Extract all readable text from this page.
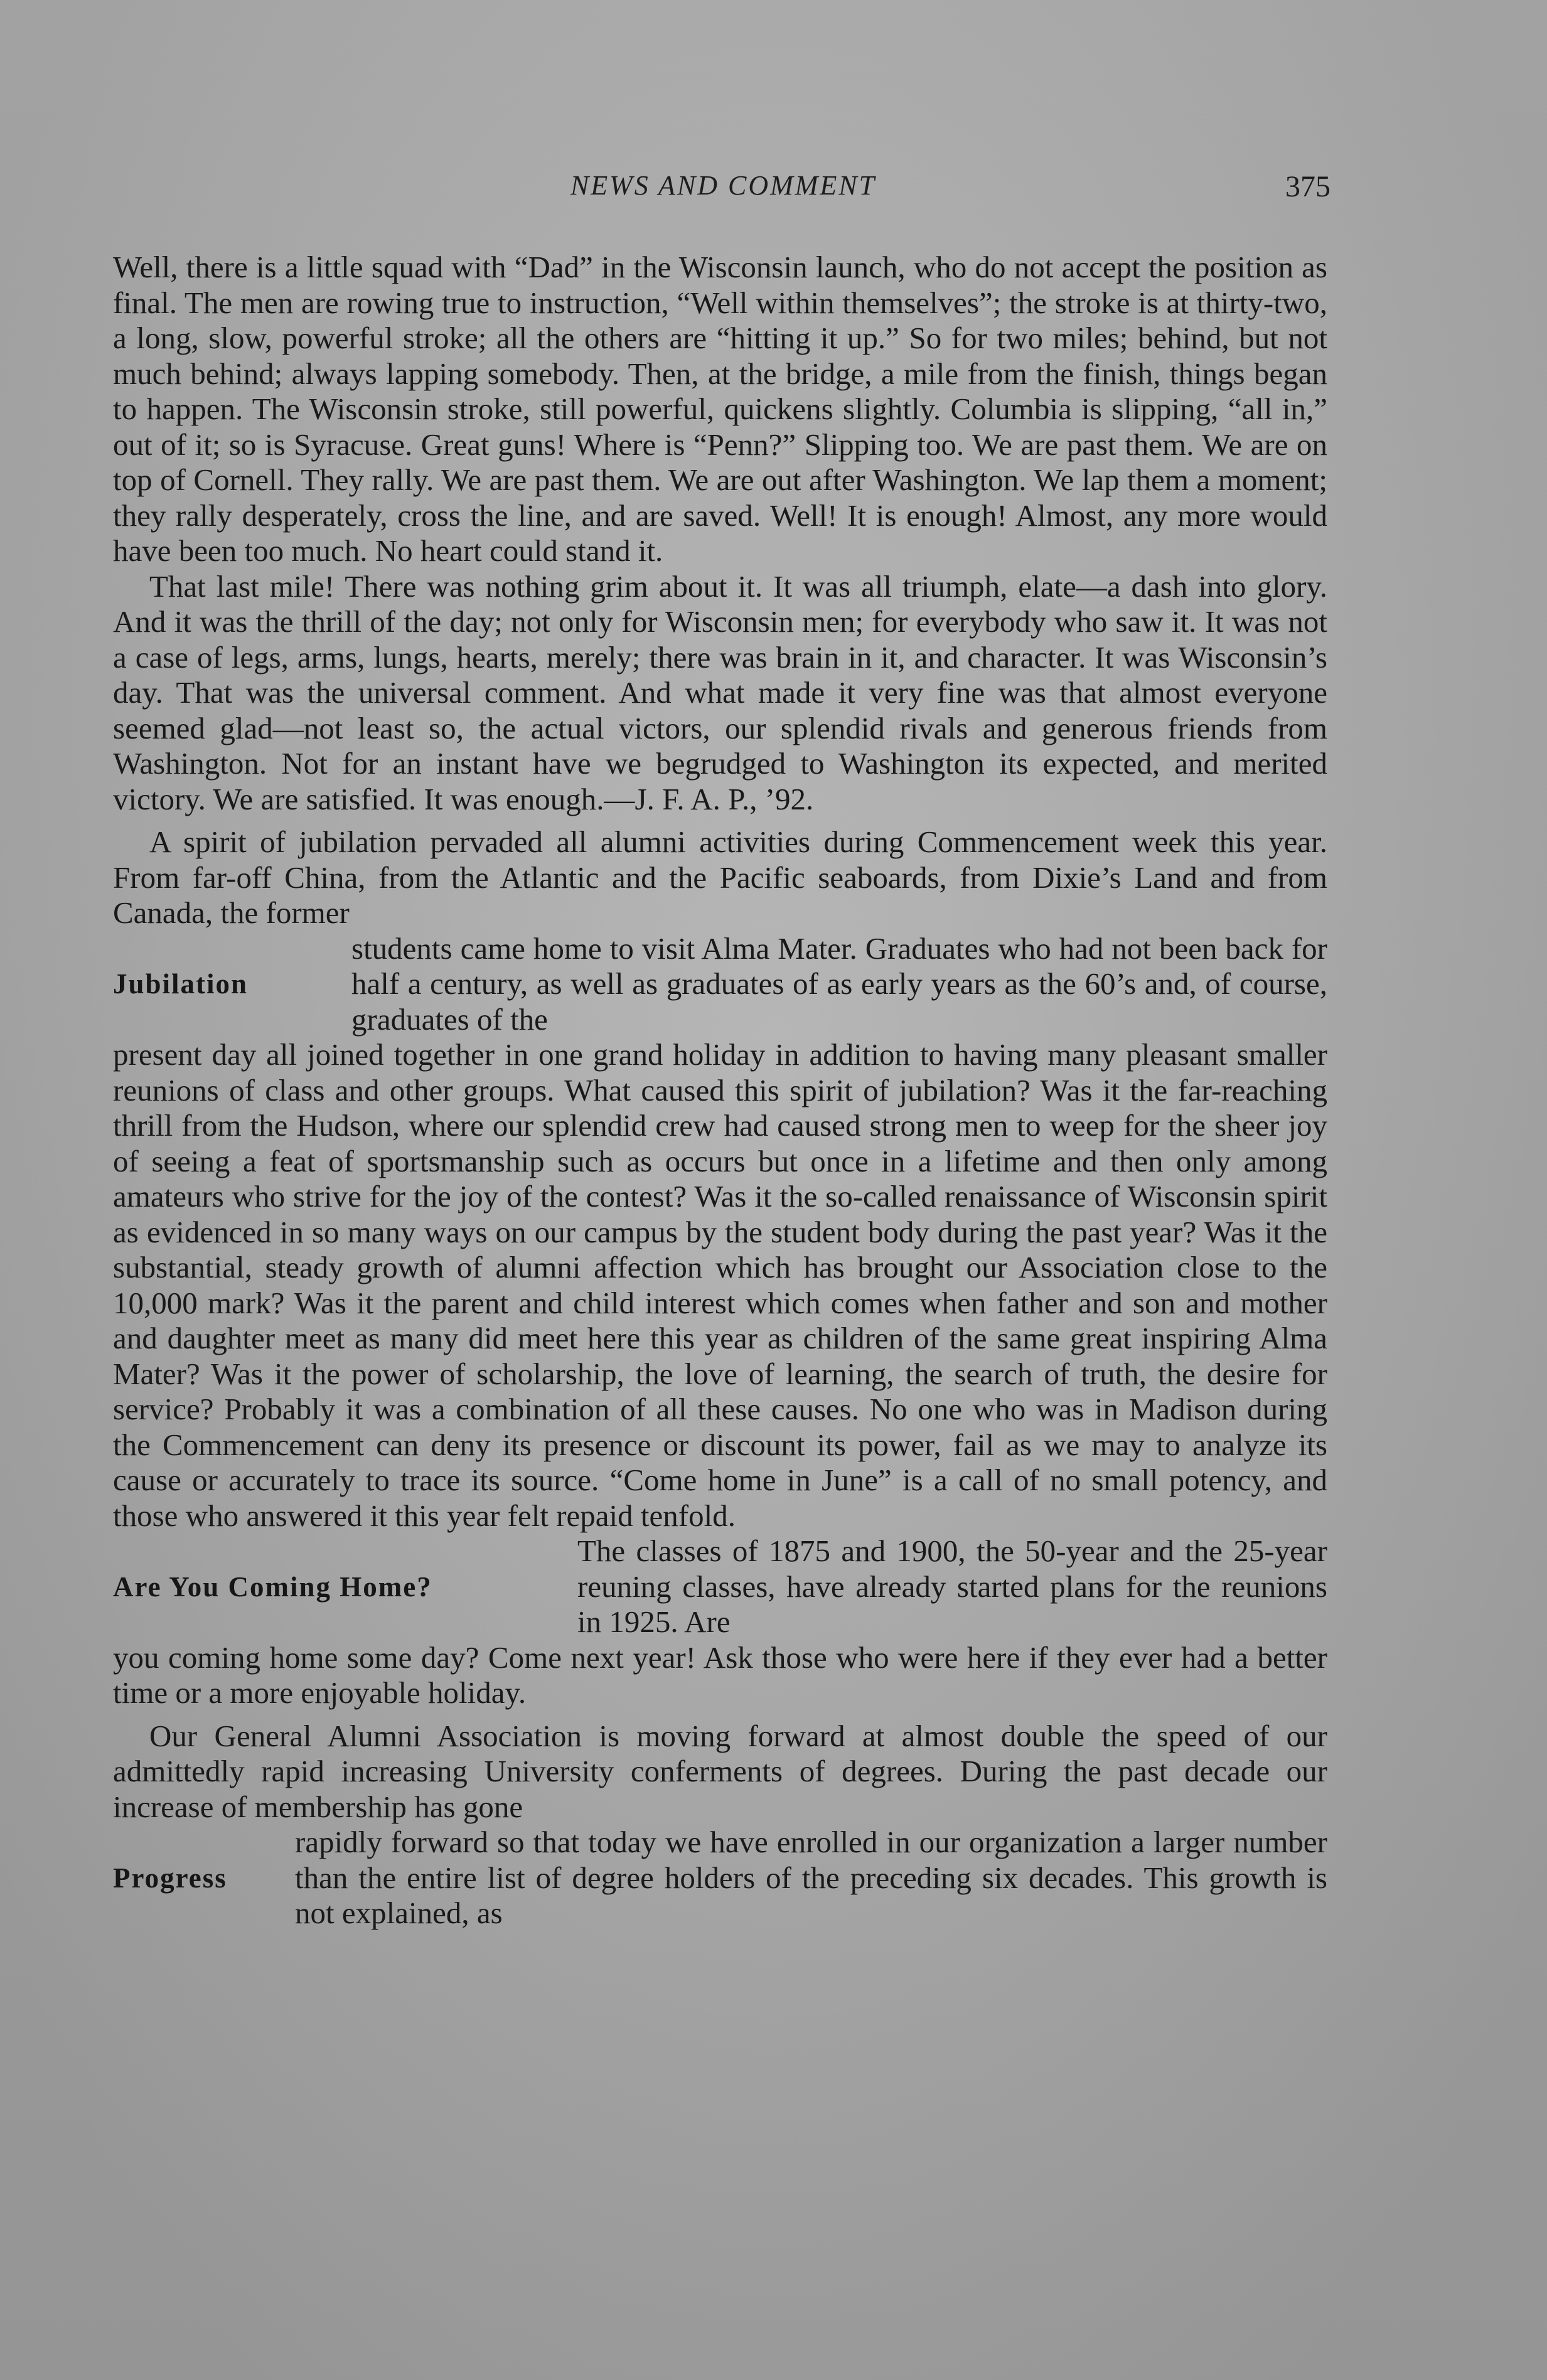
NEWS AND COMMENT	375

Well, there is a little squad with “Dad” in the Wisconsin launch, who do not accept the position as final. The men are rowing true to instruction, “Well within themselves”; the stroke is at thirty-two, a long, slow, powerful stroke; all the others are “hitting it up.” So for two miles; behind, but not much behind; always lapping somebody. Then, at the bridge, a mile from the finish, things began to happen. The Wisconsin stroke, still powerful, quickens slightly. Columbia is slipping, “all in,” out of it; so is Syracuse. Great guns! Where is “Penn?” Slipping too. We are past them. We are on top of Cornell. They rally. We are past them. We are out after Washington. We lap them a moment; they rally desperately, cross the line, and are saved. Well! It is enough! Almost, any more would have been too much. No heart could stand it.

That last mile! There was nothing grim about it. It was all triumph, elate—a dash into glory. And it was the thrill of the day; not only for Wisconsin men; for everybody who saw it. It was not a case of legs, arms, lungs, hearts, merely; there was brain in it, and character. It was Wisconsin’s day. That was the universal comment. And what made it very fine was that almost everyone seemed glad—not least so, the actual victors, our splendid rivals and generous friends from Washington. Not for an instant have we begrudged to Washington its expected, and merited victory. We are satisfied. It was enough.—J. F. A. P., ’92.

A spirit of jubilation pervaded all alumni activities during Commencement week this year. From far-off China, from the Atlantic and the Pacific seaboards, from Dixie’s Land and from Canada, the former

Jubilation
students came home to visit Alma Mater. Graduates who had not been back for half a century, as well as graduates of as early years as the 60’s and, of course, graduates of the

present day all joined together in one grand holiday in addition to having many pleasant smaller reunions of class and other groups. What caused this spirit of jubilation? Was it the far-reaching thrill from the Hudson, where our splendid crew had caused strong men to weep for the sheer joy of seeing a feat of sportsmanship such as occurs but once in a lifetime and then only among amateurs who strive for the joy of the contest? Was it the so-called renaissance of Wisconsin spirit as evidenced in so many ways on our campus by the student body during the past year? Was it the substantial, steady growth of alumni affection which has brought our Association close to the 10,000 mark? Was it the parent and child interest which comes when father and son and mother and daughter meet as many did meet here this year as children of the same great inspiring Alma Mater? Was it the power of scholarship, the love of learning, the search of truth, the desire for service? Probably it was a combination of all these causes. No one who was in Madison during the Commencement can deny its presence or discount its power, fail as we may to analyze its cause or accurately to trace its source. “Come home in June” is a call of no small potency, and those who answered it this year felt repaid tenfold.

Are You Coming Home?
The classes of 1875 and 1900, the 50-year and the 25-year reuning classes, have already started plans for the reunions in 1925. Are

you coming home some day? Come next year! Ask those who were here if they ever had a better time or a more enjoyable holiday.

Our General Alumni Association is moving forward at almost double the speed of our admittedly rapid increasing University conferments of degrees. During the past decade our increase of membership has gone

Progress
rapidly forward so that today we have enrolled in our organization a larger number than the entire list of degree holders of the preceding six decades. This growth is not explained, as
